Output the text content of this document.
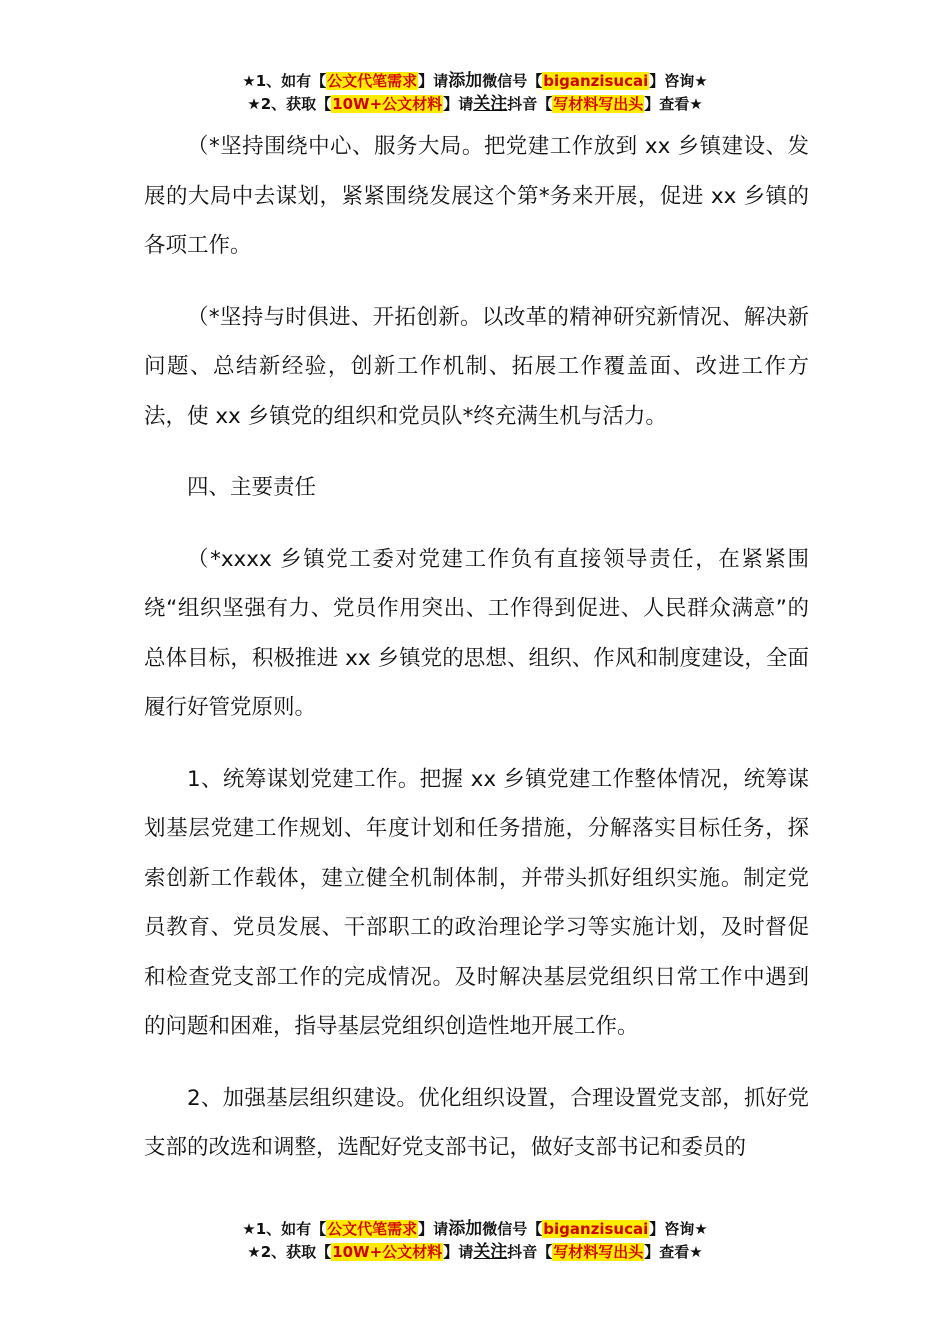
★1、如有【公文代笔需求】请添加微信号【biganzisucai】咨询★
★2、获取【10W+公文材料】请关注抖音【写材料写出头】查看★

（*坚持围绕中心、服务大局。把党建工作放到 xx 乡镇建设、发展的大局中去谋划，紧紧围绕发展这个第*务来开展，促进 xx 乡镇的各项工作。

（*坚持与时俱进、开拓创新。以改革的精神研究新情况、解决新问题、总结新经验，创新工作机制、拓展工作覆盖面、改进工作方法，使 xx 乡镇党的组织和党员队*终充满生机与活力。

四、主要责任

（*xxxx 乡镇党工委对党建工作负有直接领导责任，在紧紧围绕“组织坚强有力、党员作用突出、工作得到促进、人民群众满意”的总体目标，积极推进 xx 乡镇党的思想、组织、作风和制度建设，全面履行好管党原则。

1、统筹谋划党建工作。把握 xx 乡镇党建工作整体情况，统筹谋划基层党建工作规划、年度计划和任务措施，分解落实目标任务，探索创新工作载体，建立健全机制体制，并带头抓好组织实施。制定党员教育、党员发展、干部职工的政治理论学习等实施计划，及时督促和检查党支部工作的完成情况。及时解决基层党组织日常工作中遇到的问题和困难，指导基层党组织创造性地开展工作。

2、加强基层组织建设。优化组织设置，合理设置党支部，抓好党支部的改选和调整，选配好党支部书记，做好支部书记和委员的

★1、如有【公文代笔需求】请添加微信号【biganzisucai】咨询★
★2、获取【10W+公文材料】请关注抖音【写材料写出头】查看★
